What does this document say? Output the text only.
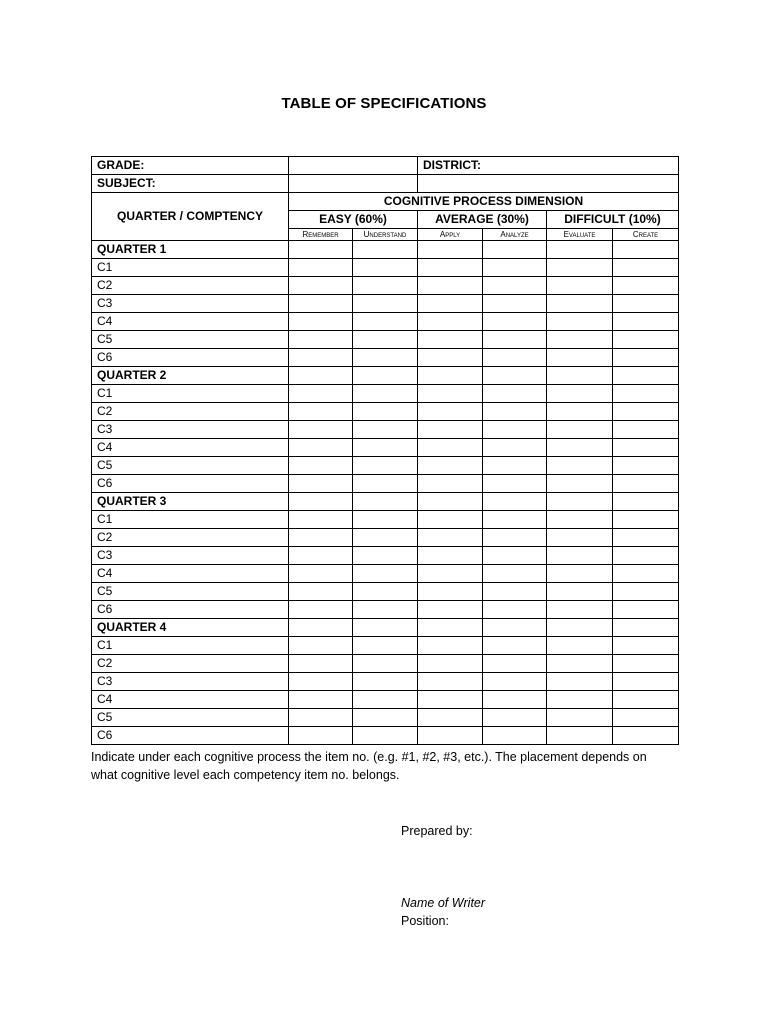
TABLE OF SPECIFICATIONS
GRADE:				DISTRICT:			
SUBJECT:							
QUARTER / COMPTENCY	COGNITIVE PROCESS DIMENSION						
	EASY (60%)			AVERAGE (30%)		DIFFICULT (10%)	
	Remember	Understand		Apply	Analyze	Evaluate	Create
QUARTER 1							
C1							
C2							
C3							
C4							
C5							
C6							
QUARTER 2							
C1							
C2							
C3							
C4							
C5							
C6							
QUARTER 3							
C1							
C2							
C3							
C4							
C5							
C6							
QUARTER 4							
C1							
C2							
C3							
C4							
C5							
C6							
Indicate under each cognitive process the item no. (e.g. #1, #2, #3, etc.). The placement depends on what cognitive level each competency item no. belongs.
Prepared by:
Name of Writer
Position:
